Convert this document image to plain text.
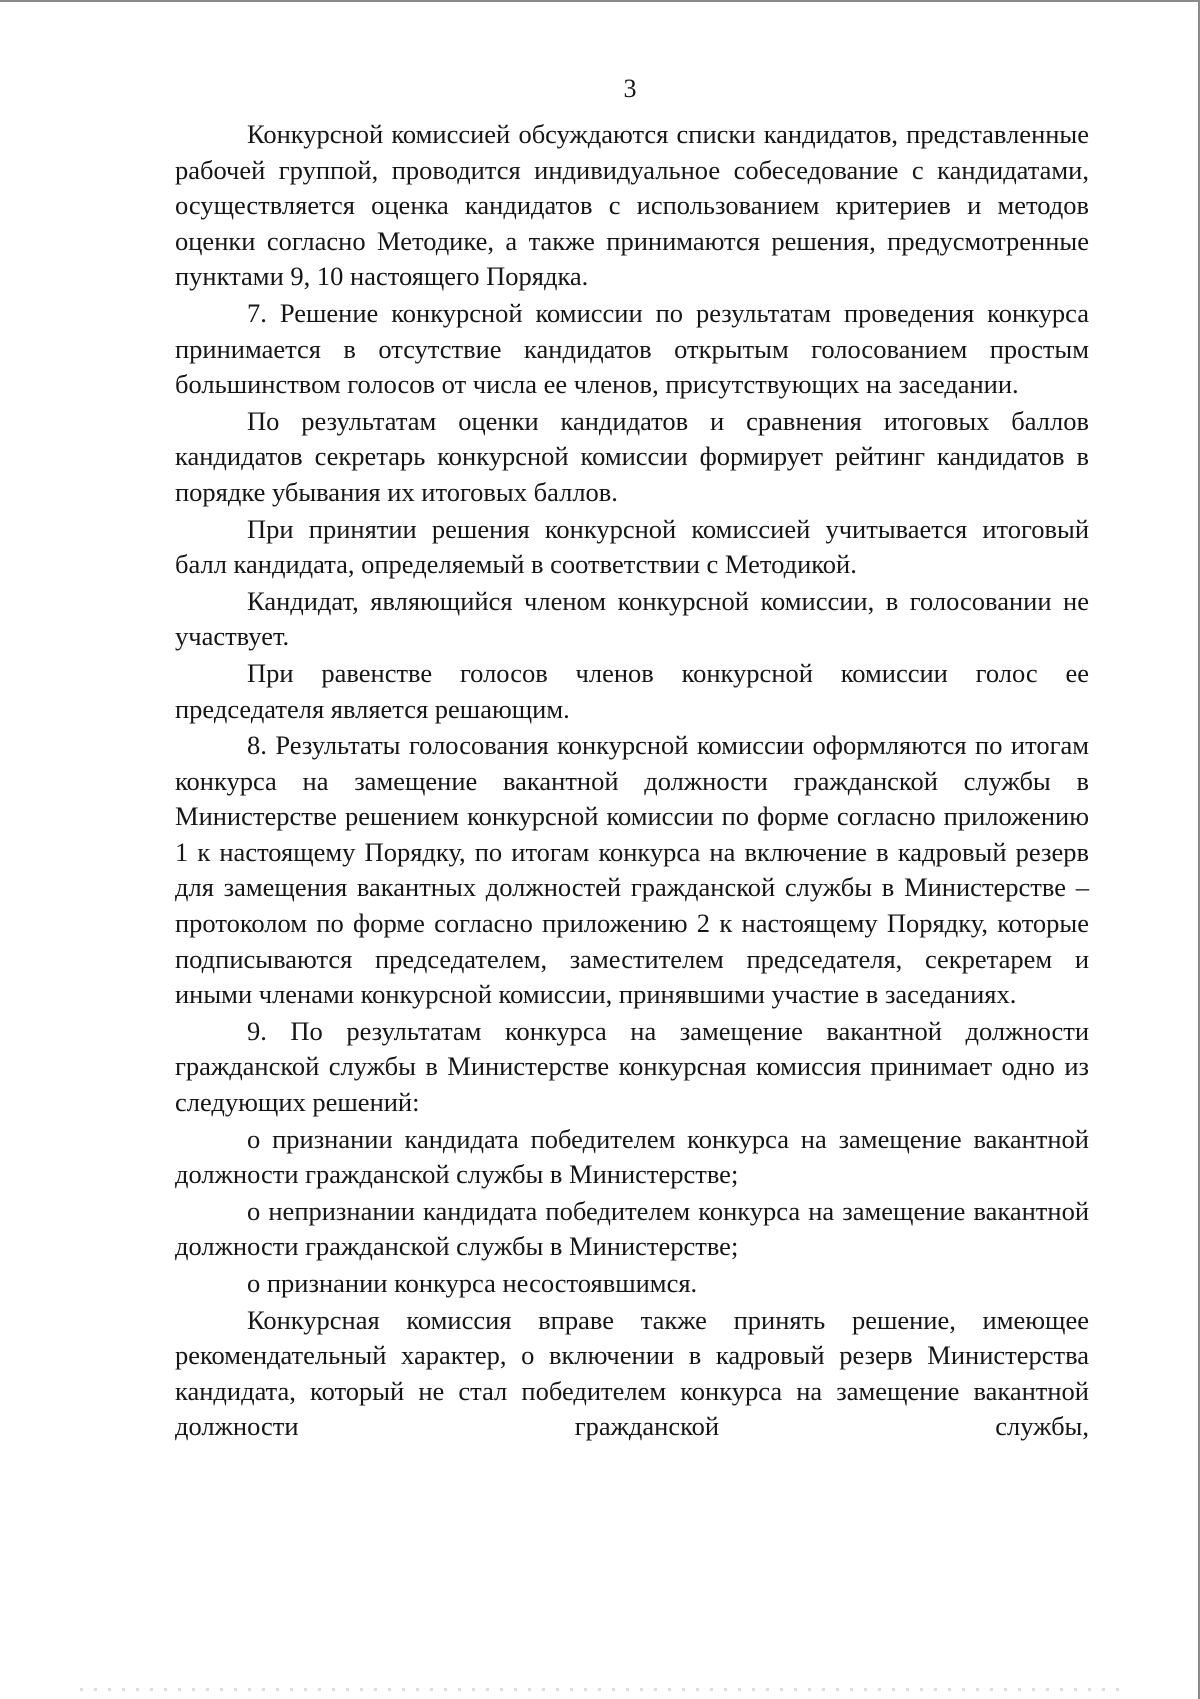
3

Конкурсной комиссией обсуждаются списки кандидатов, представленные рабочей группой, проводится индивидуальное собеседование с кандидатами, осуществляется оценка кандидатов с использованием критериев и методов оценки согласно Методике, а также принимаются решения, предусмотренные пунктами 9, 10 настоящего Порядка.

7. Решение конкурсной комиссии по результатам проведения конкурса принимается в отсутствие кандидатов открытым голосованием простым большинством голосов от числа ее членов, присутствующих на заседании.

По результатам оценки кандидатов и сравнения итоговых баллов кандидатов секретарь конкурсной комиссии формирует рейтинг кандидатов в порядке убывания их итоговых баллов.

При принятии решения конкурсной комиссией учитывается итоговый балл кандидата, определяемый в соответствии с Методикой.

Кандидат, являющийся членом конкурсной комиссии, в голосовании не участвует.

При равенстве голосов членов конкурсной комиссии голос ее председателя является решающим.

8. Результаты голосования конкурсной комиссии оформляются по итогам конкурса на замещение вакантной должности гражданской службы в Министерстве решением конкурсной комиссии по форме согласно приложению 1 к настоящему Порядку, по итогам конкурса на включение в кадровый резерв для замещения вакантных должностей гражданской службы в Министерстве – протоколом по форме согласно приложению 2 к настоящему Порядку, которые подписываются председателем, заместителем председателя, секретарем и иными членами конкурсной комиссии, принявшими участие в заседаниях.

9. По результатам конкурса на замещение вакантной должности гражданской службы в Министерстве конкурсная комиссия принимает одно из следующих решений:

о признании кандидата победителем конкурса на замещение вакантной должности гражданской службы в Министерстве;

о непризнании кандидата победителем конкурса на замещение вакантной должности гражданской службы в Министерстве;

о признании конкурса несостоявшимся.

Конкурсная комиссия вправе также принять решение, имеющее рекомендательный характер, о включении в кадровый резерв Министерства кандидата, который не стал победителем конкурса на замещение вакантной должности гражданской службы,
